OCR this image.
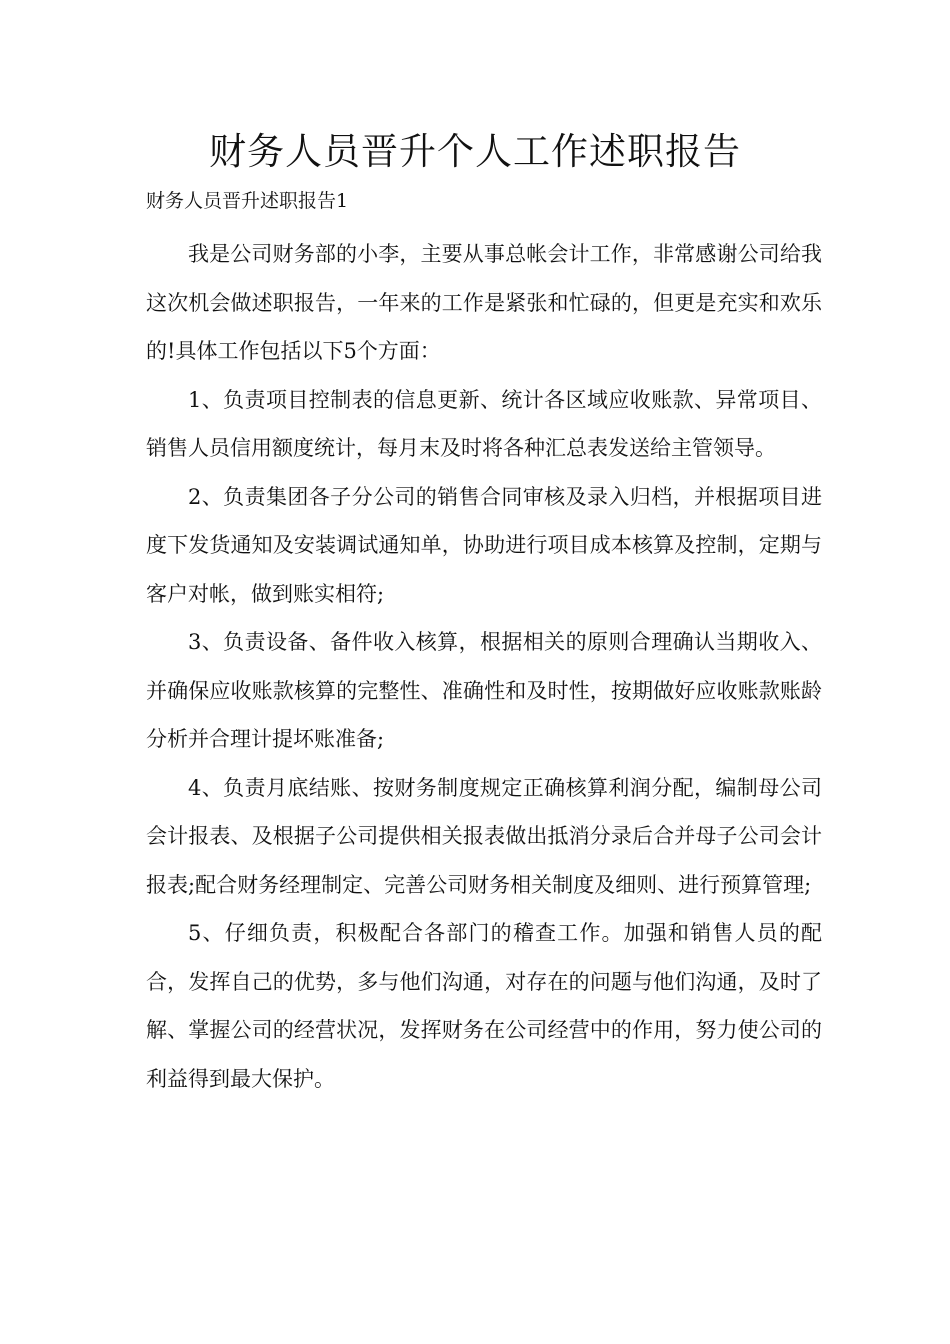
财务人员晋升个人工作述职报告

财务人员晋升述职报告1

我是公司财务部的小李，主要从事总帐会计工作，非常感谢公司给我这次机会做述职报告，一年来的工作是紧张和忙碌的，但更是充实和欢乐的!具体工作包括以下5个方面：

1、负责项目控制表的信息更新、统计各区域应收账款、异常项目、销售人员信用额度统计，每月末及时将各种汇总表发送给主管领导。

2、负责集团各子分公司的销售合同审核及录入归档，并根据项目进度下发货通知及安装调试通知单，协助进行项目成本核算及控制，定期与客户对帐，做到账实相符;

3、负责设备、备件收入核算，根据相关的原则合理确认当期收入、并确保应收账款核算的完整性、准确性和及时性，按期做好应收账款账龄分析并合理计提坏账准备;

4、负责月底结账、按财务制度规定正确核算利润分配，编制母公司会计报表、及根据子公司提供相关报表做出抵消分录后合并母子公司会计报表;配合财务经理制定、完善公司财务相关制度及细则、进行预算管理;

5、仔细负责，积极配合各部门的稽查工作。加强和销售人员的配合，发挥自己的优势，多与他们沟通，对存在的问题与他们沟通，及时了解、掌握公司的经营状况，发挥财务在公司经营中的作用，努力使公司的利益得到最大保护。
